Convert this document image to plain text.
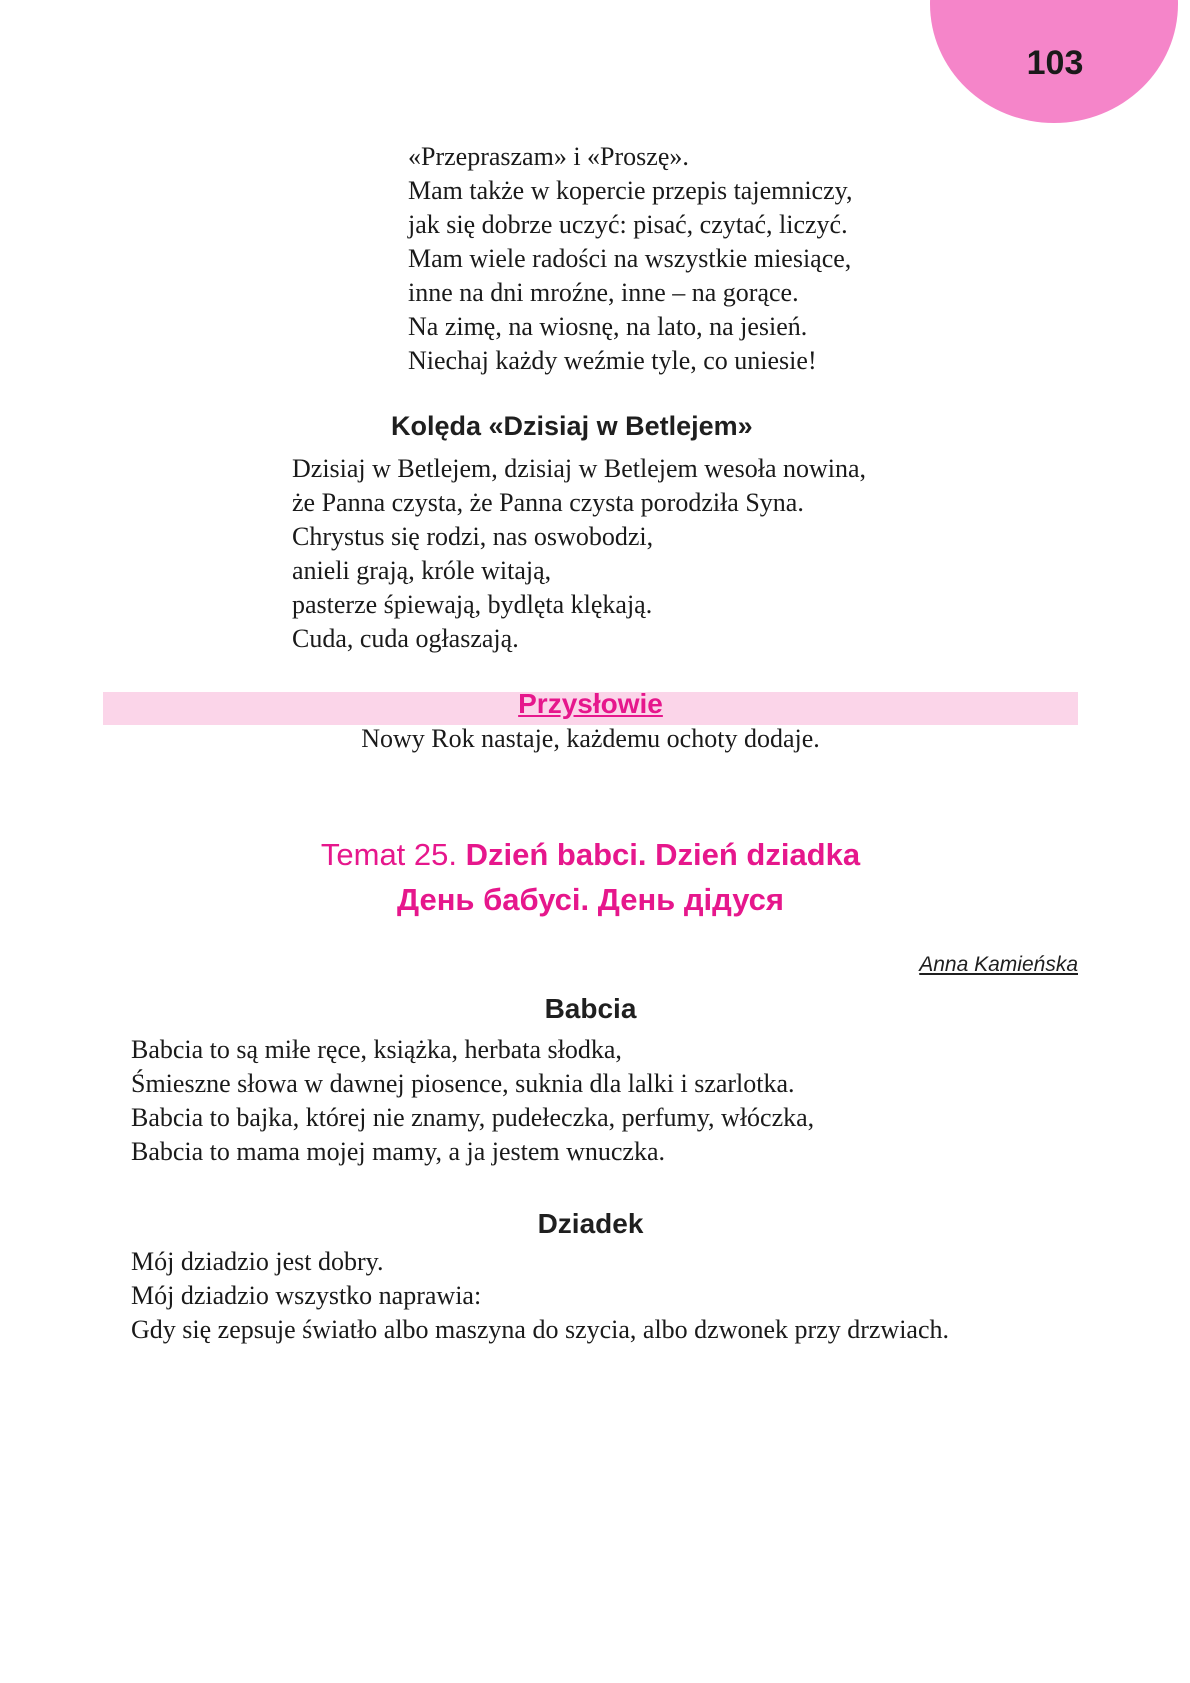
103
«Przepraszam» i «Proszę».
Mam także w kopercie przepis tajemniczy,
jak się dobrze uczyć: pisać, czytać, liczyć.
Mam wiele radości na wszystkie miesiące,
inne na dni mroźne, inne – na gorące.
Na zimę, na wiosnę, na lato, na jesień.
Niechaj każdy weźmie tyle, co uniesie!
Kolęda «Dzisiaj w Betlejem»
Dzisiaj w Betlejem, dzisiaj w Betlejem wesoła nowina,
że Panna czysta, że Panna czysta porodziła Syna.
Chrystus się rodzi, nas oswobodzi,
anieli grają, króle witają,
pasterze śpiewają, bydlęta klękają.
Cuda, cuda ogłaszają.
Przysłowie
Nowy Rok nastaje, każdemu ochoty dodaje.
Temat 25. Dzień babci. Dzień dziadka
День бабусі. День дідуся
Anna Kamieńska
Babcia
Babcia to są miłe ręce, książka, herbata słodka,
Śmieszne słowa w dawnej piosence, suknia dla lalki i szarlotka.
Babcia to bajka, której nie znamy, pudełeczka, perfumy, włóczka,
Babcia to mama mojej mamy, a ja jestem wnuczka.
Dziadek
Mój dziadzio jest dobry.
Mój dziadzio wszystko naprawia:
Gdy się zepsuje światło albo maszyna do szycia, albo dzwonek przy drzwiach.
